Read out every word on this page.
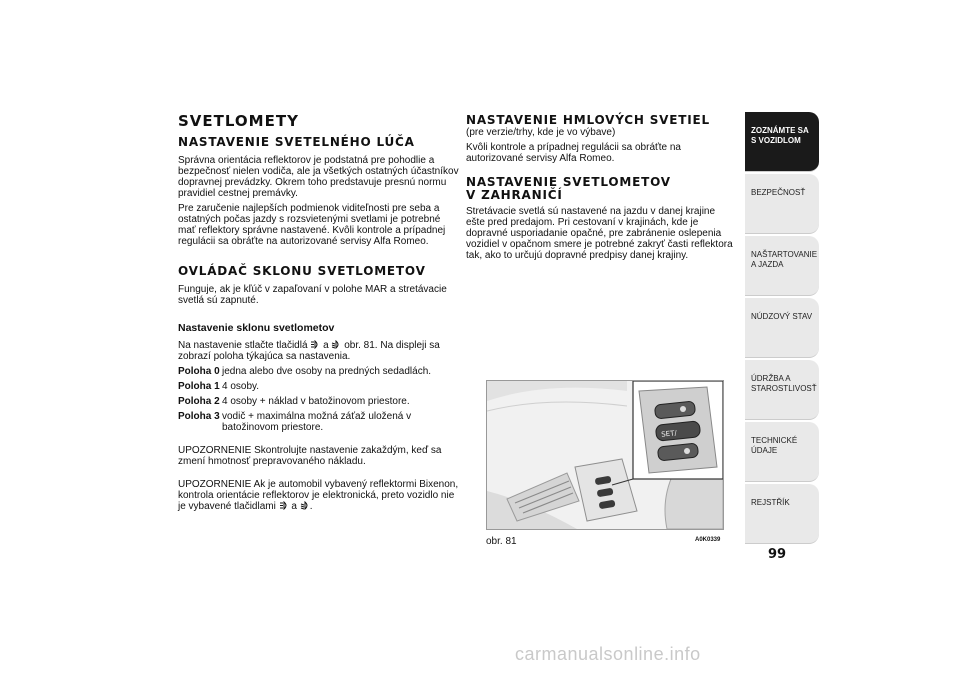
SVETLOMETY
NASTAVENIE SVETELNÉHO LÚČA

Správna orientácia reflektorov je podstatná pre pohodlie a bezpečnosť nielen vodiča, ale ja všetkých ostatných účastníkov dopravnej prevádzky. Okrem toho predstavuje presnú normu pravidiel cestnej premávky.

Pre zaručenie najlepších podmienok viditeľnosti pre seba a ostatných počas jazdy s rozsvietenými svetlami je potrebné mať reflektory správne nastavené. Kvôli kontrole a prípadnej regulácii sa obráťte na autorizované servisy Alfa Romeo.

OVLÁDAČ SKLONU SVETLOMETOV

Funguje, ak je kľúč v zapaľovaní v polohe MAR a stretávacie svetlá sú zapnuté.

Nastavenie sklonu svetlometov

Na nastavenie stlačte tlačidlá a obr. 81. Na displeji sa zobrazí poloha týkajúca sa nastavenia.

Poloha 0 jedna alebo dve osoby na predných sedadlách.
Poloha 1 4 osoby.
Poloha 2 4 osoby + náklad v batožinovom priestore.
Poloha 3 vodič + maximálna možná záťaž uložená v batožinovom priestore.

UPOZORNENIE Skontrolujte nastavenie zakaždým, keď sa zmení hmotnosť prepravovaného nákladu.

UPOZORNENIE Ak je automobil vybavený reflektormi Bixenon, kontrola orientácie reflektorov je elektronická, preto vozidlo nie je vybavené tlačidlami a .

NASTAVENIE HMLOVÝCH SVETIEL

(pre verzie/trhy, kde je vo výbave)

Kvôli kontrole a prípadnej regulácii sa obráťte na autorizované servisy Alfa Romeo.

NASTAVENIE SVETLOMETOV
V ZAHRANIČÍ

Stretávacie svetlá sú nastavené na jazdu v danej krajine ešte pred predajom. Pri cestovaní v krajinách, kde je dopravné usporiadanie opačné, pre zabránenie oslepenia vozidiel v opačnom smere je potrebné zakryť časti reflektora tak, ako to určujú dopravné predpisy danej krajiny.

SET/
obr. 81	A0K0339
ZOZNÁMTE SA S VOZIDLOM
BEZPEČNOSŤ
NAŠTARTOVANIE A JAZDA
NÚDZOVÝ STAV
ÚDRŽBA A STAROSTLIVOSŤ
TECHNICKÉ ÚDAJE
REJSTŘÍK
99
carmanualsonline.info
